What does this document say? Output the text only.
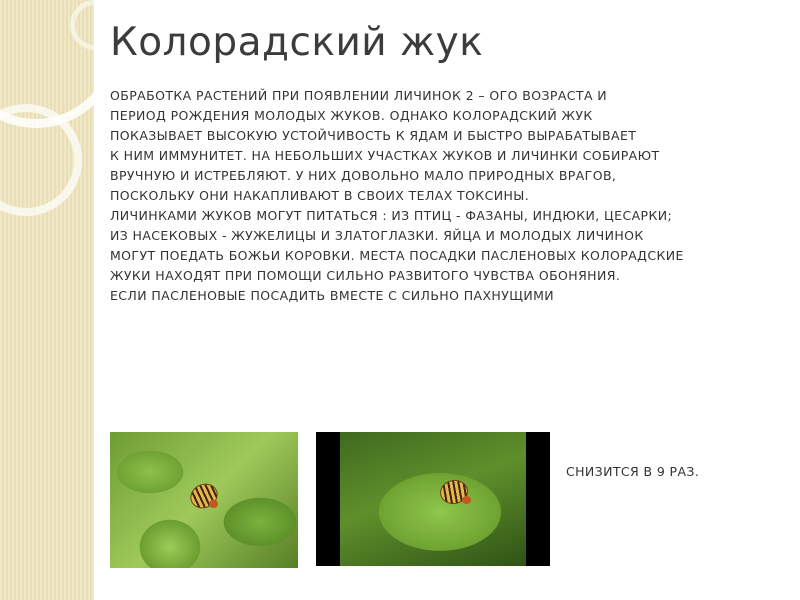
Колорадский жук
ОБРАБОТКА РАСТЕНИЙ ПРИ ПОЯВЛЕНИИ ЛИЧИНОК 2 – ОГО ВОЗРАСТА И
ПЕРИОД РОЖДЕНИЯ МОЛОДЫХ ЖУКОВ. ОДНАКО КОЛОРАДСКИЙ ЖУК
ПОКАЗЫВАЕТ ВЫСОКУЮ УСТОЙЧИВОСТЬ К ЯДАМ И БЫСТРО ВЫРАБАТЫВАЕТ
К НИМ ИММУНИТЕТ. НА НЕБОЛЬШИХ УЧАСТКАХ ЖУКОВ И ЛИЧИНКИ СОБИРАЮТ
ВРУЧНУЮ И ИСТРЕБЛЯЮТ. У НИХ ДОВОЛЬНО МАЛО ПРИРОДНЫХ ВРАГОВ,
ПОСКОЛЬКУ ОНИ НАКАПЛИВАЮТ В СВОИХ ТЕЛАХ ТОКСИНЫ.
ЛИЧИНКАМИ ЖУКОВ МОГУТ ПИТАТЬСЯ : ИЗ ПТИЦ - ФАЗАНЫ, ИНДЮКИ, ЦЕСАРКИ;
ИЗ НАСЕКОВЫХ - ЖУЖЕЛИЦЫ И ЗЛАТОГЛАЗКИ. ЯЙЦА И МОЛОДЫХ ЛИЧИНОК
МОГУТ ПОЕДАТЬ БОЖЬИ КОРОВКИ. МЕСТА ПОСАДКИ ПАСЛЕНОВЫХ КОЛОРАДСКИЕ
ЖУКИ НАХОДЯТ ПРИ ПОМОЩИ СИЛЬНО РАЗВИТОГО ЧУВСТВА ОБОНЯНИЯ.
ЕСЛИ ПАСЛЕНОВЫЕ ПОСАДИТЬ ВМЕСТЕ С СИЛЬНО ПАХНУЩИМИ
СНИЗИТСЯ В 9 РАЗ.
